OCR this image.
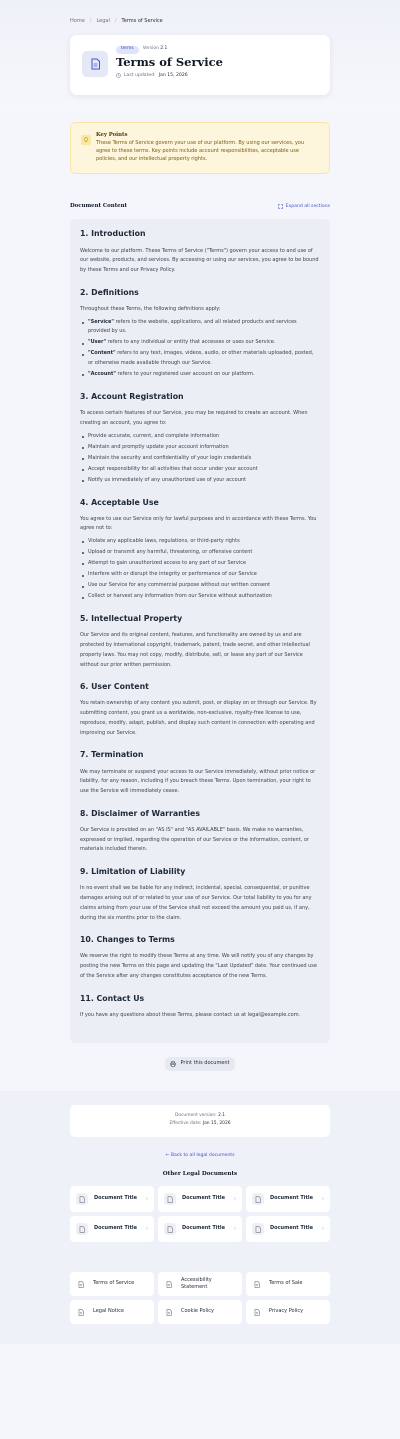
Home / Legal / Terms of Service
terms	Version 2.1
Terms of Service
Last updated: Jan 15, 2026
Key Points
These Terms of Service govern your use of our platform. By using our services, you agree to these terms. Key points include account responsibilities, acceptable use policies, and our intellectual property rights.
Document Content	Expand all sections
1. Introduction

Welcome to our platform. These Terms of Service ("Terms") govern your access to and use of our website, products, and services. By accessing or using our services, you agree to be bound by these Terms and our Privacy Policy.

2. Definitions

Throughout these Terms, the following definitions apply:

"Service" refers to the website, applications, and all related products and services provided by us.
"User" refers to any individual or entity that accesses or uses our Service.
"Content" refers to any text, images, videos, audio, or other materials uploaded, posted, or otherwise made available through our Service.
"Account" refers to your registered user account on our platform.
3. Account Registration

To access certain features of our Service, you may be required to create an account. When creating an account, you agree to:

Provide accurate, current, and complete information
Maintain and promptly update your account information
Maintain the security and confidentiality of your login credentials
Accept responsibility for all activities that occur under your account
Notify us immediately of any unauthorized use of your account
4. Acceptable Use

You agree to use our Service only for lawful purposes and in accordance with these Terms. You agree not to:

Violate any applicable laws, regulations, or third-party rights
Upload or transmit any harmful, threatening, or offensive content
Attempt to gain unauthorized access to any part of our Service
Interfere with or disrupt the integrity or performance of our Service
Use our Service for any commercial purpose without our written consent
Collect or harvest any information from our Service without authorization
5. Intellectual Property

Our Service and its original content, features, and functionality are owned by us and are protected by international copyright, trademark, patent, trade secret, and other intellectual property laws. You may not copy, modify, distribute, sell, or lease any part of our Service without our prior written permission.

6. User Content

You retain ownership of any content you submit, post, or display on or through our Service. By submitting content, you grant us a worldwide, non-exclusive, royalty-free license to use, reproduce, modify, adapt, publish, and display such content in connection with operating and improving our Service.

7. Termination

We may terminate or suspend your access to our Service immediately, without prior notice or liability, for any reason, including if you breach these Terms. Upon termination, your right to use the Service will immediately cease.

8. Disclaimer of Warranties

Our Service is provided on an "AS IS" and "AS AVAILABLE" basis. We make no warranties, expressed or implied, regarding the operation of our Service or the information, content, or materials included therein.

9. Limitation of Liability

In no event shall we be liable for any indirect, incidental, special, consequential, or punitive damages arising out of or related to your use of our Service. Our total liability to you for any claims arising from your use of the Service shall not exceed the amount you paid us, if any, during the six months prior to the claim.

10. Changes to Terms

We reserve the right to modify these Terms at any time. We will notify you of any changes by posting the new Terms on this page and updating the "Last Updated" date. Your continued use of the Service after any changes constitutes acceptance of the new Terms.

11. Contact Us

If you have any questions about these Terms, please contact us at legal@example.com.

Print this document
Document version: 2.1
Effective date: Jan 15, 2026
← Back to all legal documents
Other Legal Documents
Document Title ›	Document Title ›	Document Title ›
Document Title ›	Document Title ›	Document Title ›
Terms of Service
Accessibility Statement
Terms of Sale
Legal Notice	Cookie Policy	Privacy Policy
